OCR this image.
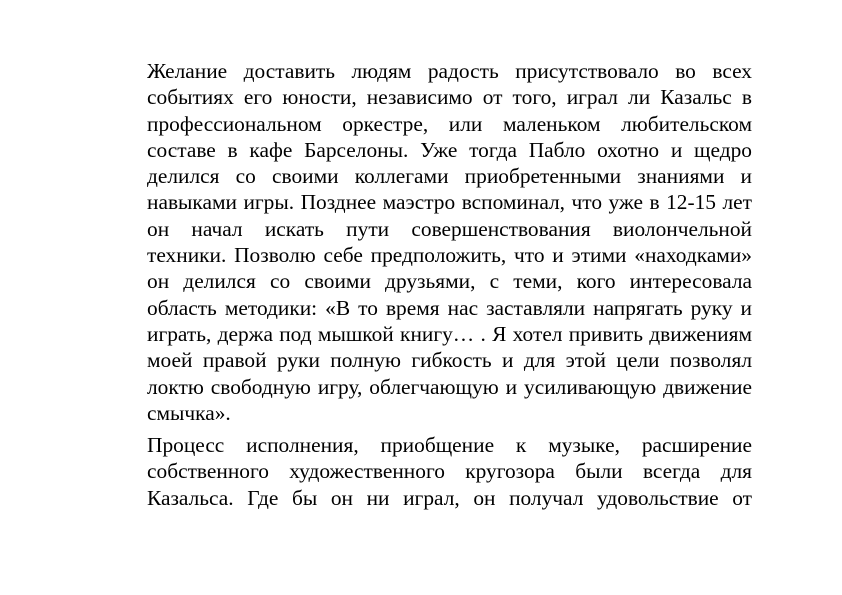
Желание доставить людям радость присутствовало во всех событиях его юности, независимо от того, играл ли Казальс в профессиональном оркестре, или маленьком любительском составе в кафе Барселоны. Уже тогда Пабло охотно и щедро делился со своими коллегами приобретенными знаниями и навыками игры. Позднее маэстро вспоминал, что уже в 12-15 лет он начал искать пути совершенствования виолончельной техники. Позволю себе предположить, что и этими «находками» он делился со своими друзьями, с теми, кого интересовала область методики: «В то время нас заставляли напрягать руку и играть, держа под мышкой книгу… . Я хотел привить движениям моей правой руки полную гибкость и для этой цели позволял локтю свободную игру, облегчающую и усиливающую движение смычка».

Процесс исполнения, приобщение к музыке, расширение собственного художественного кругозора были всегда для Казальса. Где бы он ни играл, он получал удовольствие от
